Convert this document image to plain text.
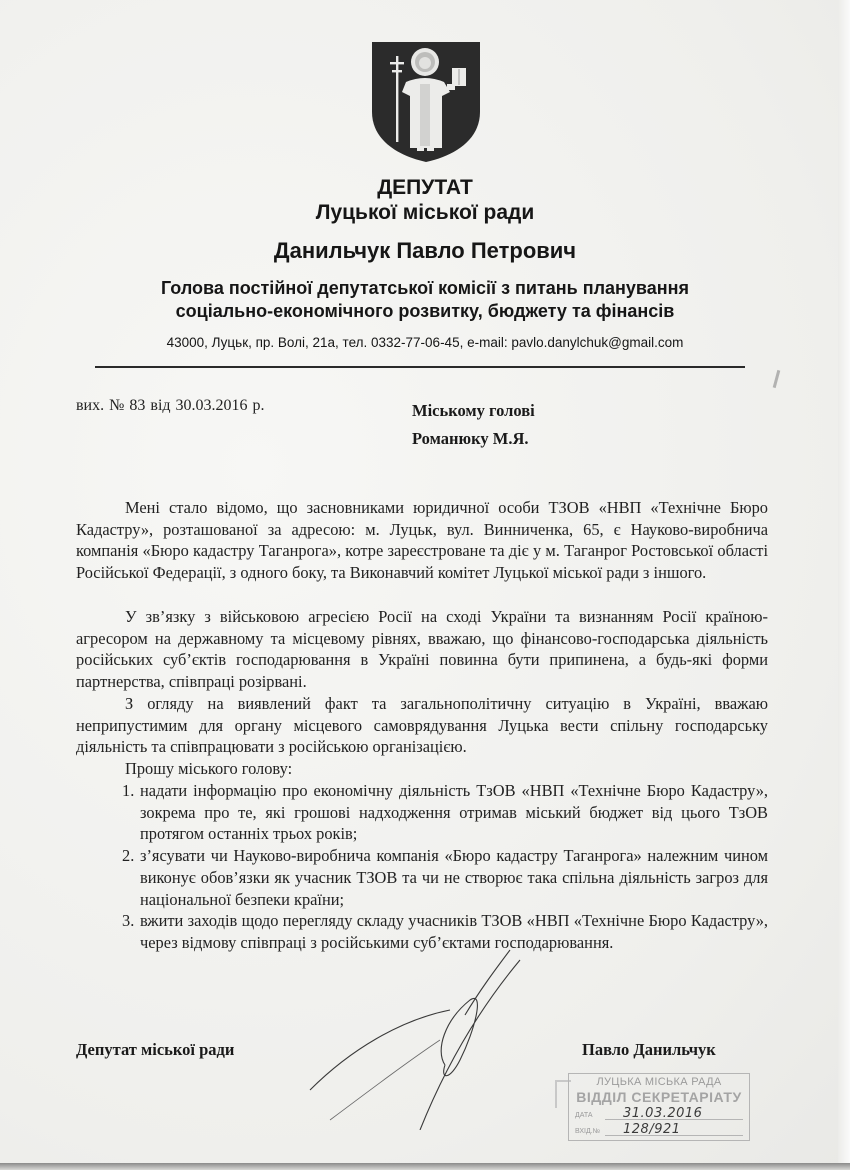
ДЕПУТАТ
Луцької міської ради
Данильчук Павло Петрович
Голова постійної депутатської комісії з питань планування
соціально-економічного розвитку, бюджету та фінансів
43000, Луцьк, пр. Волі, 21а, тел. 0332-77-06-45, e-mail: pavlo.danylchuk@gmail.com
вих. № 83 від 30.03.2016 р.	Міському голові
Романюку М.Я.

Мені стало відомо, що засновниками юридичної особи ТЗОВ «НВП «Технічне Бюро Кадастру», розташованої за адресою: м. Луцьк, вул. Винниченка, 65, є Науково-виробнича компанія «Бюро кадастру Таганрога», котре зареєстроване та діє у м. Таганрог Ростовської області Російської Федерації, з одного боку, та Виконавчий комітет Луцької міської ради з іншого.

У зв’язку з військовою агресією Росії на сході України та визнанням Росії країною-агресором на державному та місцевому рівнях, вважаю, що фінансово-господарська діяльність російських суб’єктів господарювання в Україні повинна бути припинена, а будь-які форми партнерства, співпраці розірвані.

З огляду на виявлений факт та загальнополітичну ситуацію в Україні, вважаю неприпустимим для органу місцевого самоврядування Луцька вести спільну господарську діяльність та співпрацювати з російською організацією.

Прошу міського голову:

1. надати інформацію про економічну діяльність ТзОВ «НВП «Технічне Бюро Кадастру», зокрема про те, які грошові надходження отримав міський бюджет від цього ТзОВ протягом останніх трьох років;
2. з’ясувати чи Науково-виробнича компанія «Бюро кадастру Таганрога» належним чином виконує обов’язки як учасник ТЗОВ та чи не створює така спільна діяльність загроз для національної безпеки країни;
3. вжити заходів щодо перегляду складу учасників ТЗОВ «НВП «Технічне Бюро Кадастру», через відмову співпраці з російськими суб’єктами господарювання.
Депутат міської ради	Павло Данильчук
ЛУЦЬКА МІСЬКА РАДА
ВІДДІЛ СЕКРЕТАРІАТУ
ДАТА 31.03.2016
ВХІД.№ 128/921
